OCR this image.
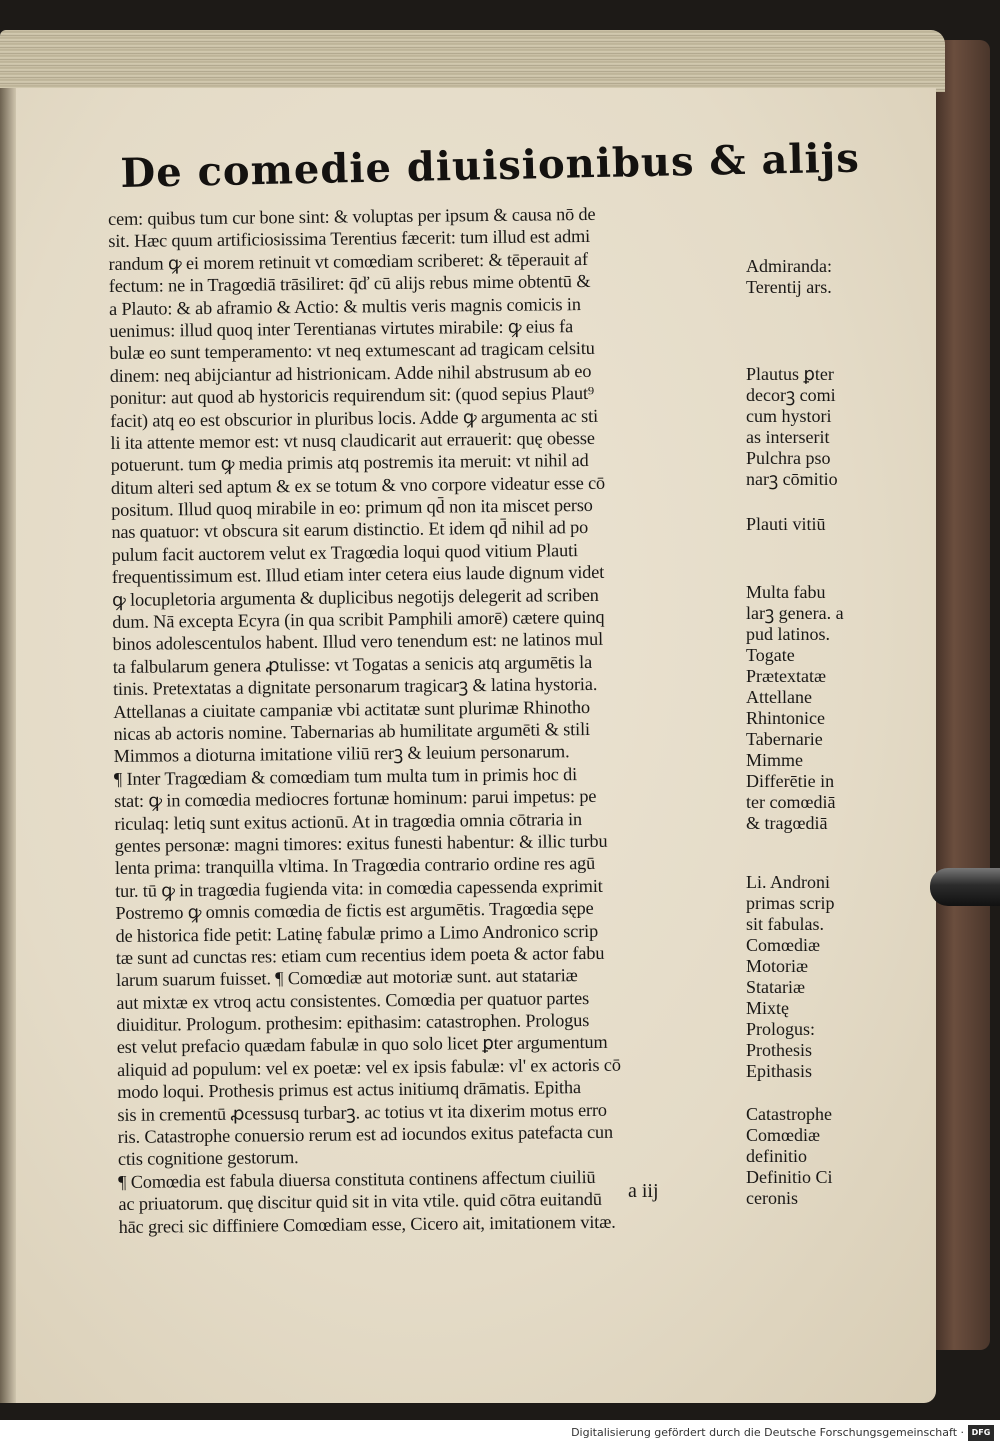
De comedie diuisionibus & alijs
cem: quibus tum cur bone sint: & voluptas per ipsum & causa nō de
sit. Hæc quum artificiosissima Terentius fæcerit: tum illud est admi
randum ꝙ ei morem retinuit vt comœdiam scriberet: & tēperauit af
fectum: ne in Tragœdiā trāsiliret: q̄ď cū alijs rebus mime obtentū &
a Plauto: & ab aframio & Actio: & multis veris magnis comicis in
uenimus: illud quoq inter Terentianas virtutes mirabile: ꝙ eius fa
bulæ eo sunt temperamento: vt neq extumescant ad tragicam celsitu
dinem: neq abijciantur ad histrionicam. Adde nihil abstrusum ab eo
ponitur: aut quod ab hystoricis requirendum sit: (quod sepius Plaut⁹
facit) atq eo est obscurior in pluribus locis. Adde ꝙ argumenta ac sti
li ita attente memor est: vt nusq claudicarit aut errauerit: quę obesse
potuerunt. tum ꝙ media primis atq postremis ita meruit: vt nihil ad
ditum alteri sed aptum & ex se totum & vno corpore videatur esse cō
positum. Illud quoq mirabile in eo: primum qd̄ non ita miscet perso
nas quatuor: vt obscura sit earum distinctio. Et idem qd̄ nihil ad po
pulum facit auctorem velut ex Tragœdia loqui quod vitium Plauti
frequentissimum est. Illud etiam inter cetera eius laude dignum videt
ꝙ locupletoria argumenta & duplicibus negotijs delegerit ad scriben
dum. Nā excepta Ecyra (in qua scribit Pamphili amorē) cætere quinq
binos adolescentulos habent. Illud vero tenendum est: ne latinos mul
ta falbularum genera ꝓtulisse: vt Togatas a senicis atq argumētis la
tinis. Pretextatas a dignitate personarum tragicarꝫ & latina hystoria.
Attellanas a ciuitate campaniæ vbi actitatæ sunt plurimæ Rhinotho
nicas ab actoris nomine. Tabernarias ab humilitate argumēti & stili
Mimmos a dioturna imitatione viliū rerꝫ & leuium personarum.
¶ Inter Tragœdiam & comœdiam tum multa tum in primis hoc di
stat: ꝙ in comœdia mediocres fortunæ hominum: parui impetus: pe
riculaq: letiq sunt exitus actionū. At in tragœdia omnia cōtraria in
gentes personæ: magni timores: exitus funesti habentur: & illic turbu
lenta prima: tranquilla vltima. In Tragœdia contrario ordine res agū
tur. tū ꝙ in tragœdia fugienda vita: in comœdia capessenda exprimit
Postremo ꝙ omnis comœdia de fictis est argumētis. Tragœdia sępe
de historica fide petit: Latinę fabulæ primo a Limo Andronico scrip
tæ sunt ad cunctas res: etiam cum recentius idem poeta & actor fabu
larum suarum fuisset. ¶ Comœdiæ aut motoriæ sunt. aut statariæ
aut mixtæ ex vtroq actu consistentes. Comœdia per quatuor partes
diuiditur. Prologum. prothesim: epithasim: catastrophen. Prologus
est velut prefacio quædam fabulæ in quo solo licet ꝑter argumentum
aliquid ad populum: vel ex poetæ: vel ex ipsis fabulæ: vl' ex actoris cō
modo loqui. Prothesis primus est actus initiumq drāmatis. Epitha
sis in crementū ꝓcessusq turbarꝫ. ac totius vt ita dixerim motus erro
ris. Catastrophe conuersio rerum est ad iocundos exitus patefacta cun
ctis cognitione gestorum.
¶ Comœdia est fabula diuersa constituta continens affectum ciuiliū
ac priuatorum. quę discitur quid sit in vita vtile. quid cōtra euitandū
hāc greci sic diffiniere Comœdiam esse, Cicero ait, imitationem vitæ.
a iij
Admiranda:
Terentij ars.
Plautus ꝑter
decorꝫ comi
cum hystori
as interserit
Pulchra pso
narꝫ cōmitio
Plauti vitiū
Multa fabu
larꝫ genera. a
pud latinos.
Togate
Prætextatæ
Attellane
Rhintonice
Tabernarie
Mimme
Differētie in
ter comœdiā
& tragœdiā
Li. Androni
primas scrip
sit fabulas.
Comœdiæ
Motoriæ
Statariæ
Mixtę
Prologus:
Prothesis
Epithasis
Catastrophe
Comœdiæ
definitio
Definitio Ci
ceronis
Digitalisierung gefördert durch die Deutsche Forschungsgemeinschaft · DFG
